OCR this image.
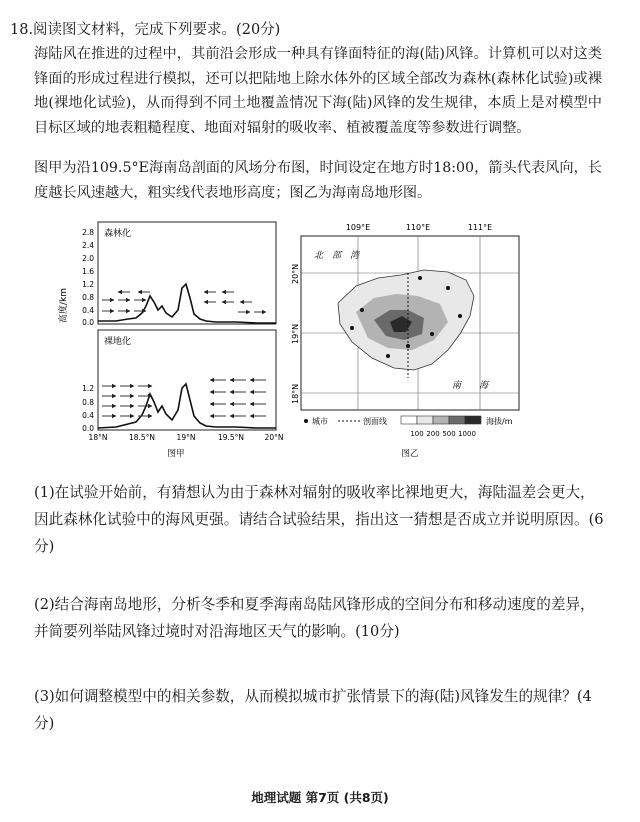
18.阅读图文材料，完成下列要求。(20分)
海陆风在推进的过程中，其前沿会形成一种具有锋面特征的海(陆)风锋。计算机可以对这类锋面的形成过程进行模拟，还可以把陆地上除水体外的区域全部改为森林(森林化试验)或裸地(裸地化试验)，从而得到不同土地覆盖情况下海(陆)风锋的发生规律，本质上是对模型中目标区域的地表粗糙程度、地面对辐射的吸收率、植被覆盖度等参数进行调整。
图甲为沿109.5°E海南岛剖面的风场分布图，时间设定在地方时18:00，箭头代表风向，长度越长风速越大，粗实线代表地形高度；图乙为海南岛地形图。
高度/km
森林化
2.8
2.4
2.0
1.6
1.2
0.8
0.4
0.0
裸地化
1.2
0.8
0.4
0.0
18°N	18.5°N	19°N	19.5°N	20°N
图甲
109°E	110°E	111°E
20°N
19°N
18°N
北　部　湾
南　　海
城市	剖面线	海拔/m
100 200 500 1000
图乙
(1)在试验开始前，有猜想认为由于森林对辐射的吸收率比裸地更大，海陆温差会更大，因此森林化试验中的海风更强。请结合试验结果，指出这一猜想是否成立并说明原因。(6分)
(2)结合海南岛地形，分析冬季和夏季海南岛陆风锋形成的空间分布和移动速度的差异，并简要列举陆风锋过境时对沿海地区天气的影响。(10分)
(3)如何调整模型中的相关参数，从而模拟城市扩张情景下的海(陆)风锋发生的规律？(4分)
地理试题 第7页 (共8页)
